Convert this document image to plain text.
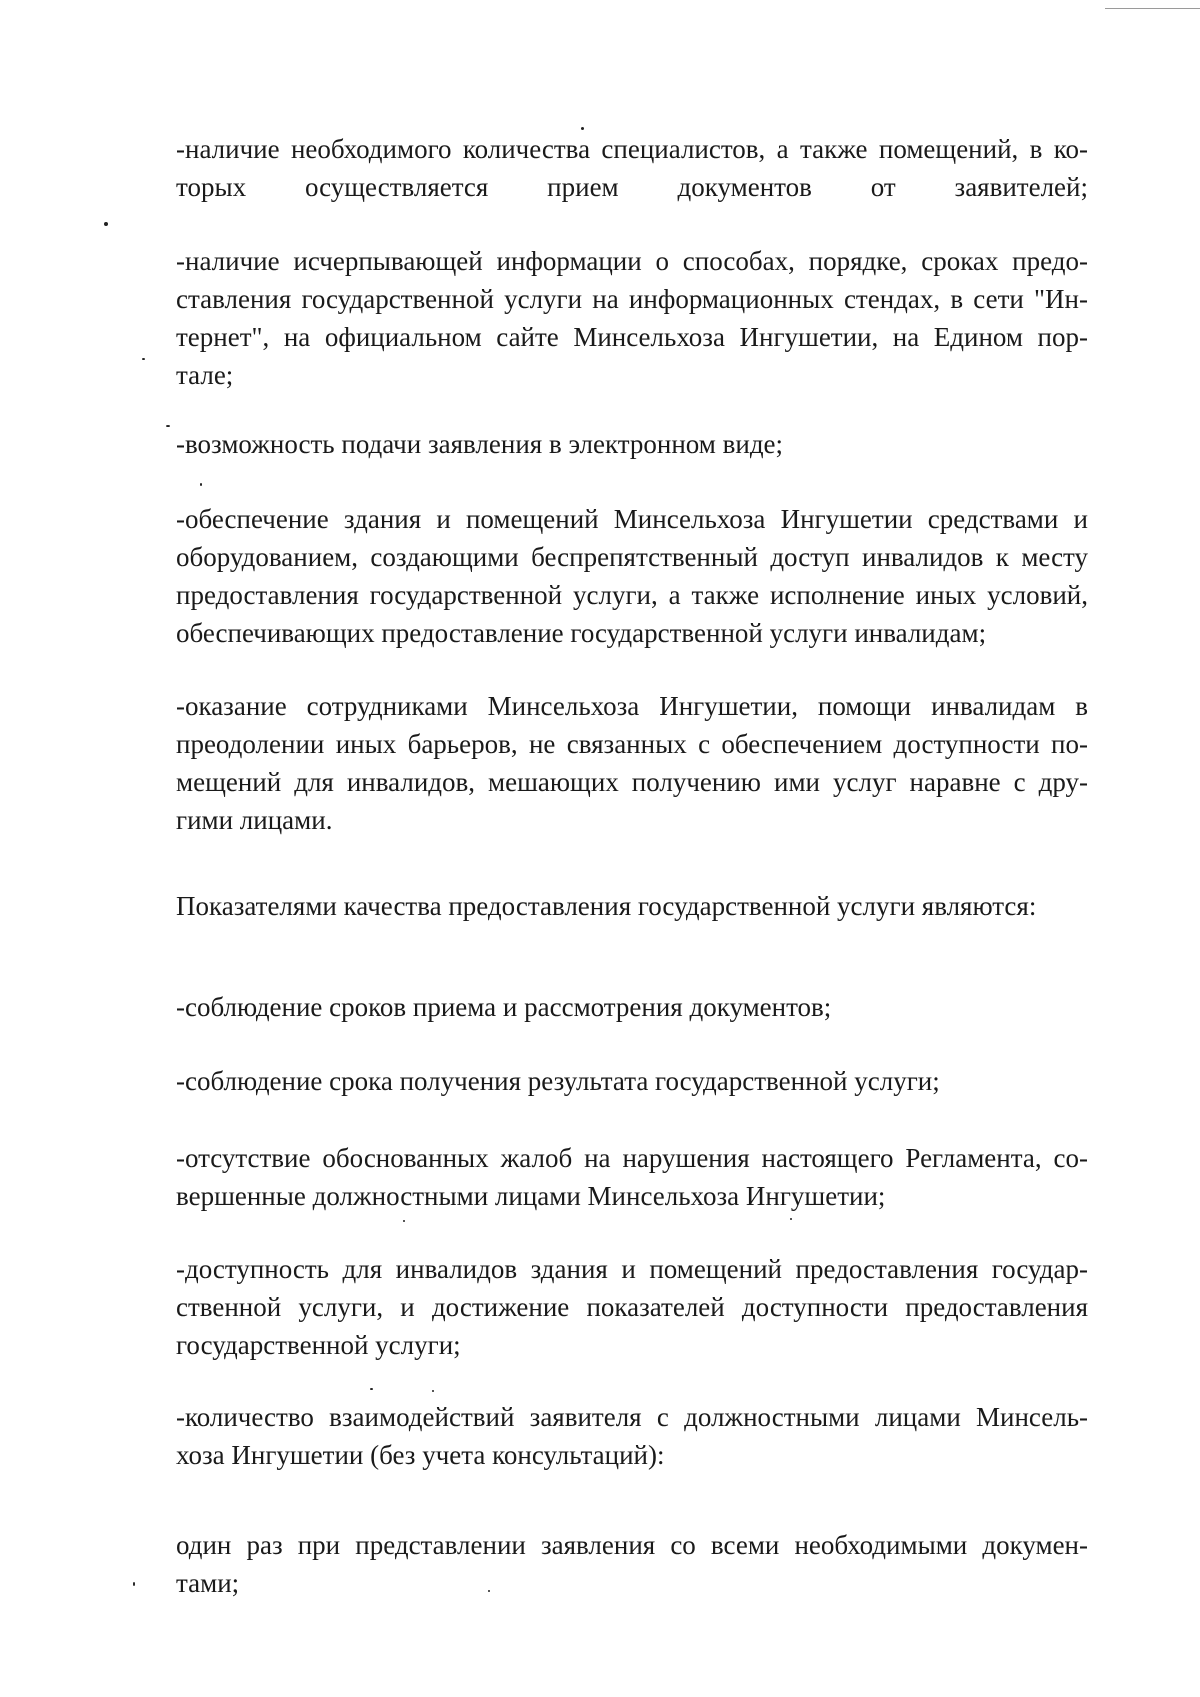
-наличие необходимого количества специалистов, а также помещений, в ко-
торых осуществляется прием документов от заявителей;
-наличие исчерпывающей информации о способах, порядке, сроках предо-
ставления государственной услуги на информационных стендах, в сети "Ин-
тернет", на официальном сайте Минсельхоза Ингушетии, на Едином пор-
тале;
-возможность подачи заявления в электронном виде;
-обеспечение здания и помещений Минсельхоза Ингушетии средствами и
оборудованием, создающими беспрепятственный доступ инвалидов к месту
предоставления государственной услуги, а также исполнение иных условий,
обеспечивающих предоставление государственной услуги инвалидам;
-оказание сотрудниками Минсельхоза Ингушетии, помощи инвалидам в
преодолении иных барьеров, не связанных с обеспечением доступности по-
мещений для инвалидов, мешающих получению ими услуг наравне с дру-
гими лицами.
Показателями качества предоставления государственной услуги являются:
-соблюдение сроков приема и рассмотрения документов;
-соблюдение срока получения результата государственной услуги;
-отсутствие обоснованных жалоб на нарушения настоящего Регламента, со-
вершенные должностными лицами Минсельхоза Ингушетии;
-доступность для инвалидов здания и помещений предоставления государ-
ственной услуги, и достижение показателей доступности предоставления
государственной услуги;
-количество взаимодействий заявителя с должностными лицами Минсель-
хоза Ингушетии (без учета консультаций):
один раз при представлении заявления со всеми необходимыми докумен-
тами;
